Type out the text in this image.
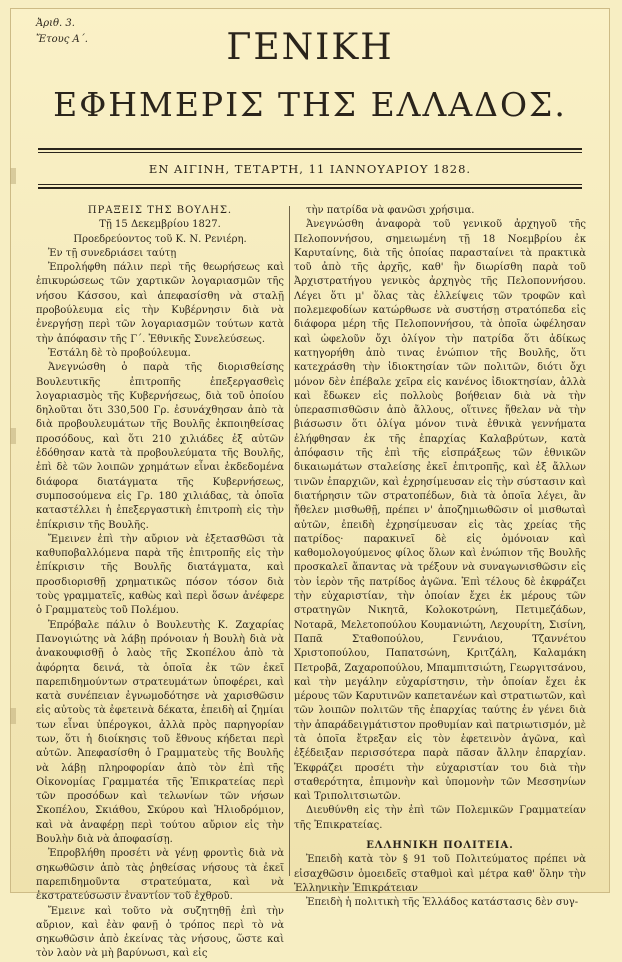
Ἀριθ. 3.
Ἔτους Α΄.	ΓΕΝΙΚΗ
ΕΦΗΜΕΡΙΣ ΤΗΣ ΕΛΛΑΔΟΣ.
ΕΝ ΑΙΓΙΝΗ, ΤΕΤΑΡΤΗ, 11 ΙΑΝΝΟΥΑΡΙΟΥ 1828.

ΠΡΑΞΕΙΣ ΤΗΣ ΒΟΥΛΗΣ.

Τῇ 15 Δεκεμβρίου 1827.

Προεδρεύοντος τοῦ Κ. Ν. Ρενιέρη.

Ἐν τῇ συνεδριάσει ταύτῃ

Ἐπρολήφθη πάλιν περὶ τῆς θεωρήσεως καὶ ἐπικυρώσεως τῶν χαρτικῶν λογαριασμῶν τῆς νήσου Κάσσου, καὶ ἀπεφασίσθη νὰ σταλῇ προβούλευμα εἰς τὴν Κυβέρνησιν διὰ νὰ ἐνεργήσῃ περὶ τῶν λογαριασμῶν τούτων κατὰ τὴν ἀπόφασιν τῆς Γ΄. Ἐθνικῆς Συνελεύσεως.

Ἐστάλη δὲ τὸ προβούλευμα.

Ἀνεγνώσθη ὁ παρὰ τῆς διορισθείσης Βουλευτικῆς ἐπιτροπῆς ἐπεξεργασθεὶς λογαριασμὸς τῆς Κυβερνήσεως, διὰ τοῦ ὁποίου δηλοῦται ὅτι 330,500 Γρ. ἐσυνάχθησαν ἀπὸ τὰ διὰ προβουλευμάτων τῆς Βουλῆς ἐκποιηθείσας προσόδους, καὶ ὅτι 210 χιλιάδες ἐξ αὐτῶν ἐδόθησαν κατὰ τὰ προβουλεύματα τῆς Βουλῆς, ἐπὶ δὲ τῶν λοιπῶν χρημάτων εἶναι ἐκδεδομένα διάφορα διατάγματα τῆς Κυβερνήσεως, συμποσούμενα εἰς Γρ. 180 χιλιάδας, τὰ ὁποῖα καταστέλλει ἡ ἐπεξεργαστικὴ ἐπιτροπὴ εἰς τὴν ἐπίκρισιν τῆς Βουλῆς.

Ἔμεινεν ἐπὶ τὴν αὔριον νὰ ἐξετασθῶσι τὰ καθυποβαλλόμενα παρὰ τῆς ἐπιτροπῆς εἰς τὴν ἐπίκρισιν τῆς Βουλῆς διατάγματα, καὶ προσδιορισθῇ χρηματικῶς πόσον τόσον διὰ τοὺς γραμματεῖς, καθὼς καὶ περὶ ὅσων ἀνέφερε ὁ Γραμματεὺς τοῦ Πολέμου.

Ἐπρόβαλε πάλιν ὁ Βουλευτὴς Κ. Ζαχαρίας Πανογιώτης νὰ λάβῃ πρόνοιαν ἡ Βουλὴ διὰ νὰ ἀνακουφισθῇ ὁ λαὸς τῆς Σκοπέλου ἀπὸ τὰ ἀφόρητα δεινά, τὰ ὁποῖα ἐκ τῶν ἐκεῖ παρεπιδημούντων στρατευμάτων ὑποφέρει, καὶ κατὰ συνέπειαν ἐγνωμοδότησε νὰ χαρισθῶσιν εἰς αὐτοὺς τὰ ἐφετεινὰ δέκατα, ἐπειδὴ αἱ ζημίαι των εἶναι ὑπέρογκοι, ἀλλὰ πρὸς παρηγορίαν των, ὅτι ἡ διοίκησις τοῦ ἔθνους κήδεται περὶ αὐτῶν. Ἀπεφασίσθη ὁ Γραμματεὺς τῆς Βουλῆς νὰ λάβῃ πληροφορίαν ἀπὸ τὸν ἐπὶ τῆς Οἰκονομίας Γραμματέα τῆς Ἐπικρατείας περὶ τῶν προσόδων καὶ τελωνίων τῶν νήσων Σκοπέλου, Σκιάθου, Σκύρου καὶ Ἠλιοδρόμιον, καὶ νὰ ἀναφέρῃ περὶ τούτου αὔριον εἰς τὴν Βουλὴν διὰ νὰ ἀποφασίσῃ.

Ἐπροβλήθη προσέτι νὰ γένῃ φροντὶς διὰ νὰ σηκωθῶσιν ἀπὸ τὰς ῥηθείσας νήσους τὰ ἐκεῖ παρεπιδημοῦντα στρατεύματα, καὶ νὰ ἐκστρατεύσωσιν ἐναντίον τοῦ ἐχθροῦ.

Ἔμεινε καὶ τοῦτο νὰ συζητηθῇ ἐπὶ τὴν αὔριον, καὶ ἐὰν φανῇ ὁ τρόπος περὶ τὸ νὰ σηκωθῶσιν ἀπὸ ἐκείνας τὰς νήσους, ὥστε καὶ τὸν λαὸν νὰ μὴ βαρύνωσι, καὶ εἰς

τὴν πατρίδα νὰ φανῶσι χρήσιμα.

Ἀνεγνώσθη ἀναφορὰ τοῦ γενικοῦ ἀρχηγοῦ τῆς Πελοποννήσου, σημειωμένη τῇ 18 Νοεμβρίου ἐκ Καρυταίνης, διὰ τῆς ὁποίας παρασταίνει τὰ πρακτικὰ τοῦ ἀπὸ τῆς ἀρχῆς, καθ' ἣν διωρίσθη παρὰ τοῦ Ἀρχιστρατήγου γενικὸς ἀρχηγὸς τῆς Πελοποννήσου. Λέγει ὅτι μ' ὅλας τὰς ἐλλείψεις τῶν τροφῶν καὶ πολεμεφοδίων κατώρθωσε νὰ συστήσῃ στρατόπεδα εἰς διάφορα μέρη τῆς Πελοποννήσου, τὰ ὁποῖα ὠφέλησαν καὶ ὠφελοῦν ὄχι ὀλίγον τὴν πατρίδα ὅτι ἀδίκως κατηγορήθη ἀπὸ τινας ἐνώπιον τῆς Βουλῆς, ὅτι κατεχράσθη τὴν ἰδιοκτησίαν τῶν πολιτῶν, διότι ὄχι μόνον δὲν ἐπέβαλε χεῖρα εἰς κανένος ἰδιοκτησίαν, ἀλλὰ καὶ ἔδωκεν εἰς πολλοὺς βοήθειαν διὰ νὰ τὴν ὑπερασπισθῶσιν ἀπὸ ἄλλους, οἵτινες ἤθελαν νὰ τὴν βιάσωσιν ὅτι ὀλίγα μόνον τινὰ ἐθνικὰ γεννήματα ἐλήφθησαν ἐκ τῆς ἐπαρχίας Καλαβρύτων, κατὰ ἀπόφασιν τῆς ἐπὶ τῆς εἰσπράξεως τῶν ἐθνικῶν δικαιωμάτων σταλείσης ἐκεῖ ἐπιτροπῆς, καὶ ἐξ ἄλλων τινῶν ἐπαρχιῶν, καὶ ἐχρησίμευσαν εἰς τὴν σύστασιν καὶ διατήρησιν τῶν στρατοπέδων, διὰ τὰ ὁποῖα λέγει, ἂν ἤθελεν μισθωθῇ, πρέπει ν' ἀποζημιωθῶσιν οἱ μισθωταὶ αὐτῶν, ἐπειδὴ ἐχρησίμευσαν εἰς τὰς χρείας τῆς πατρίδος· παρακινεῖ δὲ εἰς ὁμόνοιαν καὶ καθομολογούμενος φίλος ὅλων καὶ ἐνώπιον τῆς Βουλῆς προσκαλεῖ ἅπαντας νὰ τρέξουν νὰ συναγωνισθῶσιν εἰς τὸν ἱερὸν τῆς πατρίδος ἀγῶνα. Ἐπὶ τέλους δὲ ἐκφράζει τὴν εὐχαριστίαν, τὴν ὁποίαν ἔχει ἐκ μέρους τῶν στρατηγῶν Νικητᾶ, Κολοκοτρώνη, Πετιμεζάδων, Νοταρᾶ, Μελετοπούλου Κουμανιώτη, Λεχουρίτη, Σισίνη, Παπᾶ Σταθοπούλου, Γεννάιου, Τζαννέτου Χριστοπούλου, Παπατσώνη, Κριτζάλη, Καλαμάκη Πετροβᾶ, Ζαχαροπούλου, Μπαμπιτσιώτη, Γεωργιτσάνου, καὶ τὴν μεγάλην εὐχαρίστησιν, τὴν ὁποίαν ἔχει ἐκ μέρους τῶν Καρυτινῶν καπετανέων καὶ στρατιωτῶν, καὶ τῶν λοιπῶν πολιτῶν τῆς ἐπαρχίας ταύτης ἐν γένει διὰ τὴν ἀπαράδειγμάτιστον προθυμίαν καὶ πατριωτισμόν, μὲ τὰ ὁποῖα ἔτρεξαν εἰς τὸν ἐφετεινὸν ἀγῶνα, καὶ ἐξέδειξαν περισσότερα παρὰ πᾶσαν ἄλλην ἐπαρχίαν. Ἐκφράζει προσέτι τὴν εὐχαριστίαν του διὰ τὴν σταθερότητα, ἐπιμονὴν καὶ ὑπομονὴν τῶν Μεσσηνίων καὶ Τριπολιτσιωτῶν.

Διευθύνθη εἰς τὴν ἐπὶ τῶν Πολεμικῶν Γραμματείαν τῆς Ἐπικρατείας.

ΕΛΛΗΝΙΚΗ ΠΟΛΙΤΕΙΑ.

Ἐπειδὴ κατὰ τὸν § 91 τοῦ Πολιτεύματος πρέπει νὰ εἰσαχθῶσιν ὁμοειδεῖς σταθμοὶ καὶ μέτρα καθ' ὅλην τὴν Ἑλληνικὴν Ἐπικράτειαν

Ἐπειδὴ ἡ πολιτικὴ τῆς Ἑλλάδος κατάστασις δὲν συγ-
